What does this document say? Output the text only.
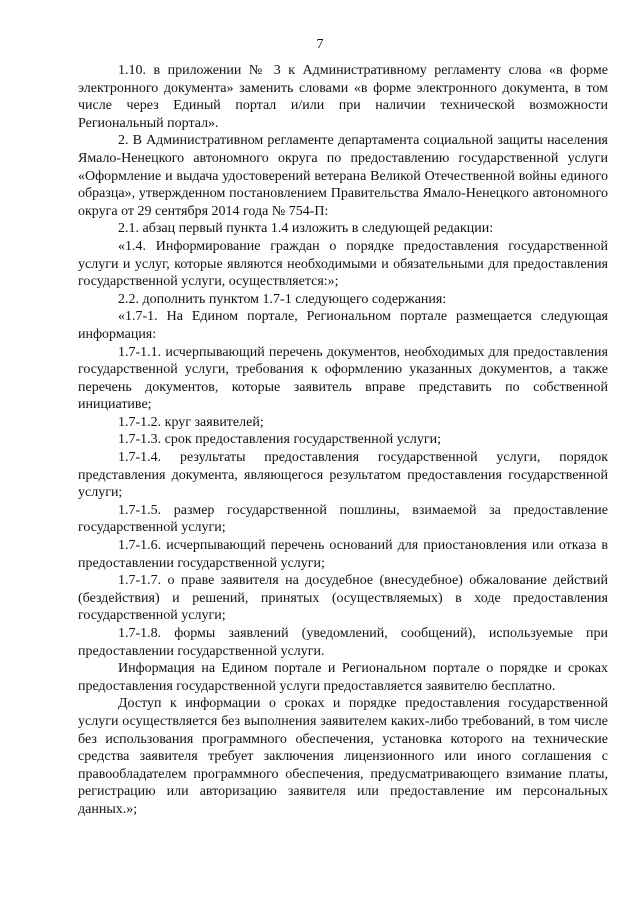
7

1.10. в приложении № 3 к Административному регламенту слова «в форме электронного документа» заменить словами «в форме электронного документа, в том числе через Единый портал и/или при наличии технической возможности Региональный портал».

2. В Административном регламенте департамента социальной защиты населения Ямало-Ненецкого автономного округа по предоставлению государственной услуги «Оформление и выдача удостоверений ветерана Великой Отечественной войны единого образца», утвержденном постановлением Правительства Ямало-Ненецкого автономного округа от 29 сентября 2014 года № 754-П:

2.1. абзац первый пункта 1.4 изложить в следующей редакции:

«1.4. Информирование граждан о порядке предоставления государственной услуги и услуг, которые являются необходимыми и обязательными для предоставления государственной услуги, осуществляется:»;

2.2. дополнить пунктом 1.7-1 следующего содержания:

«1.7-1. На Едином портале, Региональном портале размещается следующая информация:

1.7-1.1. исчерпывающий перечень документов, необходимых для предоставления государственной услуги, требования к оформлению указанных документов, а также перечень документов, которые заявитель вправе представить по собственной инициативе;

1.7-1.2. круг заявителей;

1.7-1.3. срок предоставления государственной услуги;

1.7-1.4. результаты предоставления государственной услуги, порядок представления документа, являющегося результатом предоставления государственной услуги;

1.7-1.5. размер государственной пошлины, взимаемой за предоставление государственной услуги;

1.7-1.6. исчерпывающий перечень оснований для приостановления или отказа в предоставлении государственной услуги;

1.7-1.7. о праве заявителя на досудебное (внесудебное) обжалование действий (бездействия) и решений, принятых (осуществляемых) в ходе предоставления государственной услуги;

1.7-1.8. формы заявлений (уведомлений, сообщений), используемые при предоставлении государственной услуги.

Информация на Едином портале и Региональном портале о порядке и сроках предоставления государственной услуги предоставляется заявителю бесплатно.

Доступ к информации о сроках и порядке предоставления государственной услуги осуществляется без выполнения заявителем каких-либо требований, в том числе без использования программного обеспечения, установка которого на технические средства заявителя требует заключения лицензионного или иного соглашения с правообладателем программного обеспечения, предусматривающего взимание платы, регистрацию или авторизацию заявителя или предоставление им персональных данных.»;
